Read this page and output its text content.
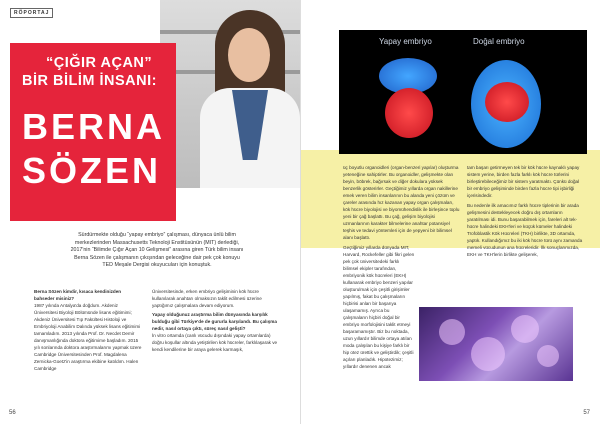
RÖPORTAJ
“ÇIĞIR AÇAN”
BİR BİLİM İNSANI:
BERNA
SÖZEN
Sürdürmekte olduğu “yapay embriyo” çalışması, dünyaca ünlü bilim
merkezlerinden Massachusetts Teknoloji Enstitüsünün (MIT) derlediği,
2017'nin “Bilimde Çığır Açan 10 Gelişmesi” arasına giren Türk bilim insanı
Berna Sözen ile çalışmanın çıkışından geleceğine dair pek çok konuyu
TED Meşale Dergisi okuyucuları için konuştuk.
Berna Sözen kimdir, kısaca kendinizden bahseder misiniz?
1987 yılında Antalya'da doğdum. Akdeniz Üniversitesi Biyoloji Bölümünde lisans eğitimimi; Akdeniz Üniversitesi Tıp Fakültesi Histoloji ve Embriyoloji Anabilim Dalında yüksek lisans eğitimimi tamamladım. 2013 yılında Prof. Dr. Necdet Demir danışmanlığında doktora eğitimime başladım. 2015 yılı sonlarında doktora araştırmalarımı yapmak üzere Cambridge Üniversitesinden Prof. Magdalena Zernicka-Goetz'in araştırma ekibine katıldım. Halen Cambridge
Üniversitesinde, erken embriyo gelişiminin kök hücre kullanılarak anahtarı olmaksızın taklit edilmesi üzerine yaptığımız çalışmalara devam ediyorum.
Yapay olduğunuz araştırma bilim dünyasında karşılık bulduğu gibi Türkiye'de de gururla karşılandı. Bu çalışma nedir, nasıl ortaya çıktı, süreç nasıl gelişti?
İn vitro ortamda (canlı vücudu dışındaki yapay ortamlarda) doğru koşullar altında yetiştirilen kök hücreler, farklılaşarak ve kendi kendilerine bir araya gelerek karmaşık,
56
Yapay embriyo	Doğal embriyo
üç boyutlu organoidleri (organ-benzeri yapılar) oluşturma yeteneğine sahiptirler. Bu organoidler, gelişmekte olan beyin, böbrek, bağırsak ve diğer dokulara yüksek benzerlik gösterirler. Geçtiğimiz yıllarda organ nakillerine emek veren bilim insanlarının bu alanda yeni çözüm ve çareler arasında hız kazanan yapay organ çalışmaları, kök hücre biyolojisi ve biyomühendislik ile birleşince toplu yeni bir çağ başlattı. Bu çağ, gelişim biyolojisi uzmanlarının karakter bilmelerine anahtar potansiyel teşhis ve tedavi yöntemleri için de yepyeni bir bilimsel alanı başlattı.
Geçtiğimiz yıllarda dünyada MIT, Harvard, Rockefeller gibi fikri gelen pek çok üniversitedeki farklı bilimsel ekipler tarafından, embriyonik kök hücreleri (EKH) kullanarak embriyo benzeri yapılar oluşturulmak için çeşitli girişimler yapılmış, fakat bu çalışmaların hiçbirisi anları bir başarıya ulaşamamış. Ayrıca bu çalışmaların hiçbiri doğal bir embriyo morfolojisini taklit etmeyi başaramamıştır. Biz bu noktada, uzun yıllardır bilimde ortaya atılan moda çalışılan bu kişiye farklı bir hip otez ürettik ve geliştirdik; çeşitli açıları planladık. Hipotezimiz; yıllardır denenen ancak
tam başarı getirmeyen tek bir kök hücre kaynaklı yapay sistem yerine, birden fazla farklı kök hücre türlerini birleştirebileceğimiz bir sistem yaratmaktı. Çünkü doğal bir embriyo gelişiminde birden fazla hücre tipi işbirliği içerisindedir.
Bu nedenle ilk amacımız farklı hücre tiplerinin bir arada gelişmesini destekleyecek doğru dış ortamların yaratılması idi. Bunu başarabilmek için, fareleri alt tek-hücre halindeki EKH'leri ve küçük kümeler halindeki Trofoblastik Kök Hücreleri (TKH) birlikte, 3D ortamda, yaptık. Kullandığımız bu iki kök hücre türü aynı zamanda memeli vücudunun ana hücreleridir. İlk sonuçlarımızda, EKH ve TKH'lerin birlikte gelişerek,
57
